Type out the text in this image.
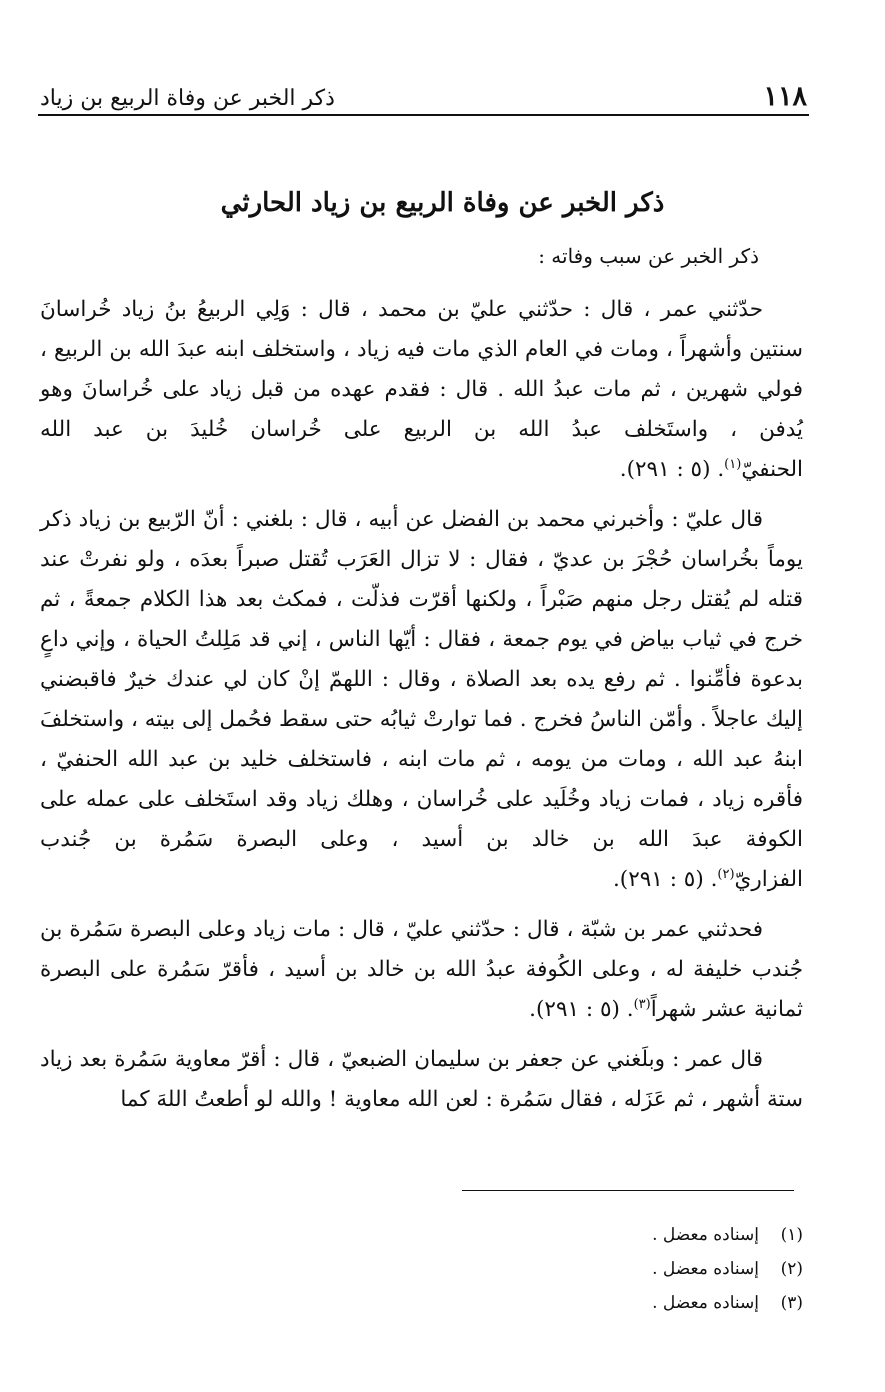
١١٨
ذكر الخبر عن وفاة الربيع بن زياد
ذكر الخبر عن وفاة الربيع بن زياد الحارثي
ذكر الخبر عن سبب وفاته :

حدّثني عمر ، قال : حدّثني عليّ بن محمد ، قال : وَلِي الربيعُ بنُ زياد خُراسانَ سنتين وأشهراً ، ومات في العام الذي مات فيه زياد ، واستخلف ابنه عبدَ الله بن الربيع ، فولي شهرين ، ثم مات عبدُ الله . قال : فقدم عهده من قبل زياد على خُراسانَ وهو يُدفن ، واستَخلف عبدُ الله بن الربيع على خُراسان خُليدَ بن عبد الله الحنفيّ$^{(١)}$. (٥ : ٢٩١).

قال عليّ : وأخبرني محمد بن الفضل عن أبيه ، قال : بلغني : أنّ الرّبيع بن زياد ذكر يوماً بخُراسان حُجْرَ بن عديّ ، فقال : لا تزال العَرَب تُقتل صبراً بعدَه ، ولو نفرتْ عند قتله لم يُقتل رجل منهم صَبْراً ، ولكنها أقرّت فذلّت ، فمكث بعد هذا الكلام جمعةً ، ثم خرج في ثياب بياض في يوم جمعة ، فقال : أيّها الناس ، إني قد مَلِلتُ الحياة ، وإني داعٍ بدعوة فأمِّنوا . ثم رفع يده بعد الصلاة ، وقال : اللهمّ إنْ كان لي عندك خيرٌ فاقبضني إليك عاجلاً . وأمّن الناسُ فخرج . فما توارتْ ثيابُه حتى سقط فحُمل إلى بيته ، واستخلفَ ابنهُ عبد الله ، ومات من يومه ، ثم مات ابنه ، فاستخلف خليد بن عبد الله الحنفيّ ، فأقره زياد ، فمات زياد وخُلَيد على خُراسان ، وهلك زياد وقد استَخلف على عمله على الكوفة عبدَ الله بن خالد بن أسيد ، وعلى البصرة سَمُرة بن جُندب الفزاريّ$^{(٢)}$. (٥ : ٢٩١).

فحدثني عمر بن شبّة ، قال : حدّثني عليّ ، قال : مات زياد وعلى البصرة سَمُرة بن جُندب خليفة له ، وعلى الكُوفة عبدُ الله بن خالد بن أسيد ، فأقرّ سَمُرة على البصرة ثمانية عشر شهراً$^{(٣)}$. (٥ : ٢٩١).

قال عمر : وبلَغني عن جعفر بن سليمان الضبعيّ ، قال : أقرّ معاوية سَمُرة بعد زياد ستة أشهر ، ثم عَزَله ، فقال سَمُرة : لعن الله معاوية ! والله لو أطعتُ اللهَ كما

(١)
إسناده معضل .
(٢)
إسناده معضل .
(٣)
إسناده معضل .
